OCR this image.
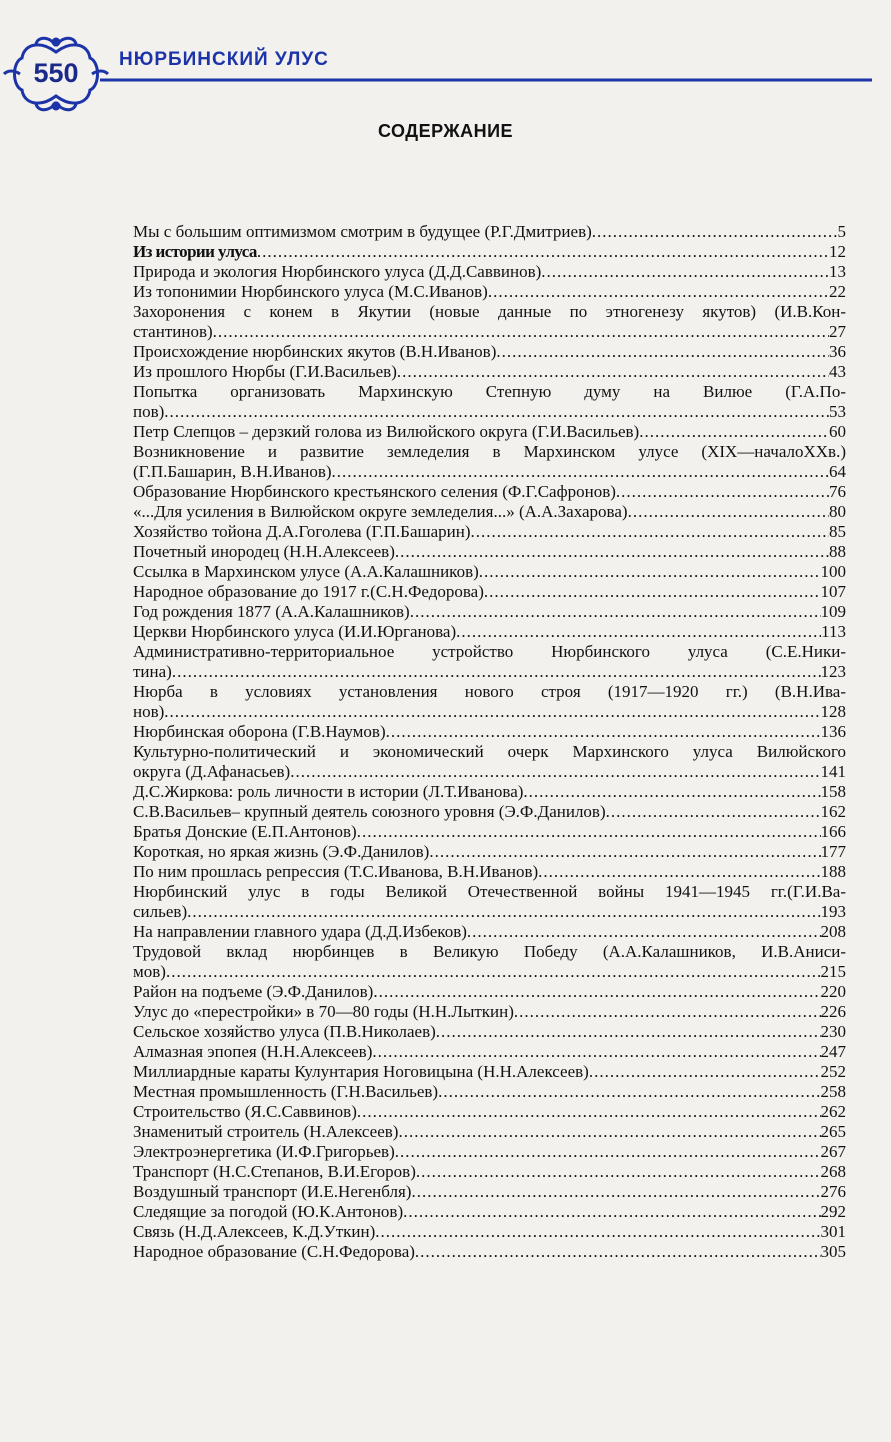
550	НЮРБИНСКИЙ УЛУС
СОДЕРЖАНИЕ
Мы с большим оптимизмом смотрим в будущее (Р.Г.Дмитриев) .....	5
Из истории улуса .....	12
Природа и экология Нюрбинского улуса (Д.Д.Саввинов) .....	13
Из топонимии Нюрбинского улуса (М.С.Иванов) .....	22
Захоронения с конем в Якутии (новые данные по этногенезу якутов) (И.В.Кон-
стантинов) .....	27
Происхождение нюрбинских якутов (В.Н.Иванов) .....	36
Из прошлого Нюрбы (Г.И.Васильев) .....	43
Попытка организовать Мархинскую Степную думу на Вилюе (Г.А.По-
пов) .....	53
Петр Слепцов – дерзкий голова из Вилюйского округа (Г.И.Васильев) .....	60
Возникновение и развитие земледелия в Мархинском улусе (XIX—началоXXв.)
(Г.П.Башарин, В.Н.Иванов) .....	64
Образование Нюрбинского крестьянского селения (Ф.Г.Сафронов) .....	76
«...Для усиления в Вилюйском округе земледелия...» (А.А.Захарова) .....	80
Хозяйство тойона Д.А.Гоголева (Г.П.Башарин) .....	85
Почетный инородец (Н.Н.Алексеев) .....	88
Ссылка в Мархинском улусе (А.А.Калашников) .....	100
Народное образование до 1917 г.(С.Н.Федорова) .....	107
Год рождения 1877 (А.А.Калашников) .....	109
Церкви Нюрбинского улуса (И.И.Юрганова) .....	113
Административно-территориальное устройство Нюрбинского улуса (С.Е.Ники-
тина) .....	123
Нюрба в условиях установления нового строя (1917—1920 гг.) (В.Н.Ива-
нов) .....	128
Нюрбинская оборона (Г.В.Наумов) .....	136
Культурно-политический и экономический очерк Мархинского улуса Вилюйского
округа (Д.Афанасьев) .....	141
Д.С.Жиркова: роль личности в истории (Л.Т.Иванова) .....	158
С.В.Васильев– крупный деятель союзного уровня (Э.Ф.Данилов) .....	162
Братья Донские (Е.П.Антонов) .....	166
Короткая, но яркая жизнь (Э.Ф.Данилов) .....	177
По ним прошлась репрессия (Т.С.Иванова, В.Н.Иванов) .....	188
Нюрбинский улус в годы Великой Отечественной войны 1941—1945 гг.(Г.И.Ва-
сильев) .....	193
На направлении главного удара (Д.Д.Избеков) .....	208
Трудовой вклад нюрбинцев в Великую Победу (А.А.Калашников, И.В.Аниси-
мов) .....	215
Район на подъеме (Э.Ф.Данилов) .....	220
Улус до «перестройки» в 70—80 годы (Н.Н.Лыткин) .....	226
Сельское хозяйство улуса (П.В.Николаев) .....	230
Алмазная эпопея (Н.Н.Алексеев) .....	247
Миллиардные караты Кулунтария Ноговицына (Н.Н.Алексеев) .....	252
Местная промышленность (Г.Н.Васильев) .....	258
Строительство (Я.С.Саввинов) .....	262
Знаменитый строитель (Н.Алексеев) .....	265
Электроэнергетика (И.Ф.Григорьев) .....	267
Транспорт (Н.С.Степанов, В.И.Егоров) .....	268
Воздушный транспорт (И.Е.Негенбля) .....	276
Следящие за погодой (Ю.К.Антонов) .....	292
Связь (Н.Д.Алексеев, К.Д.Уткин) .....	301
Народное образование (С.Н.Федорова) .....	305
